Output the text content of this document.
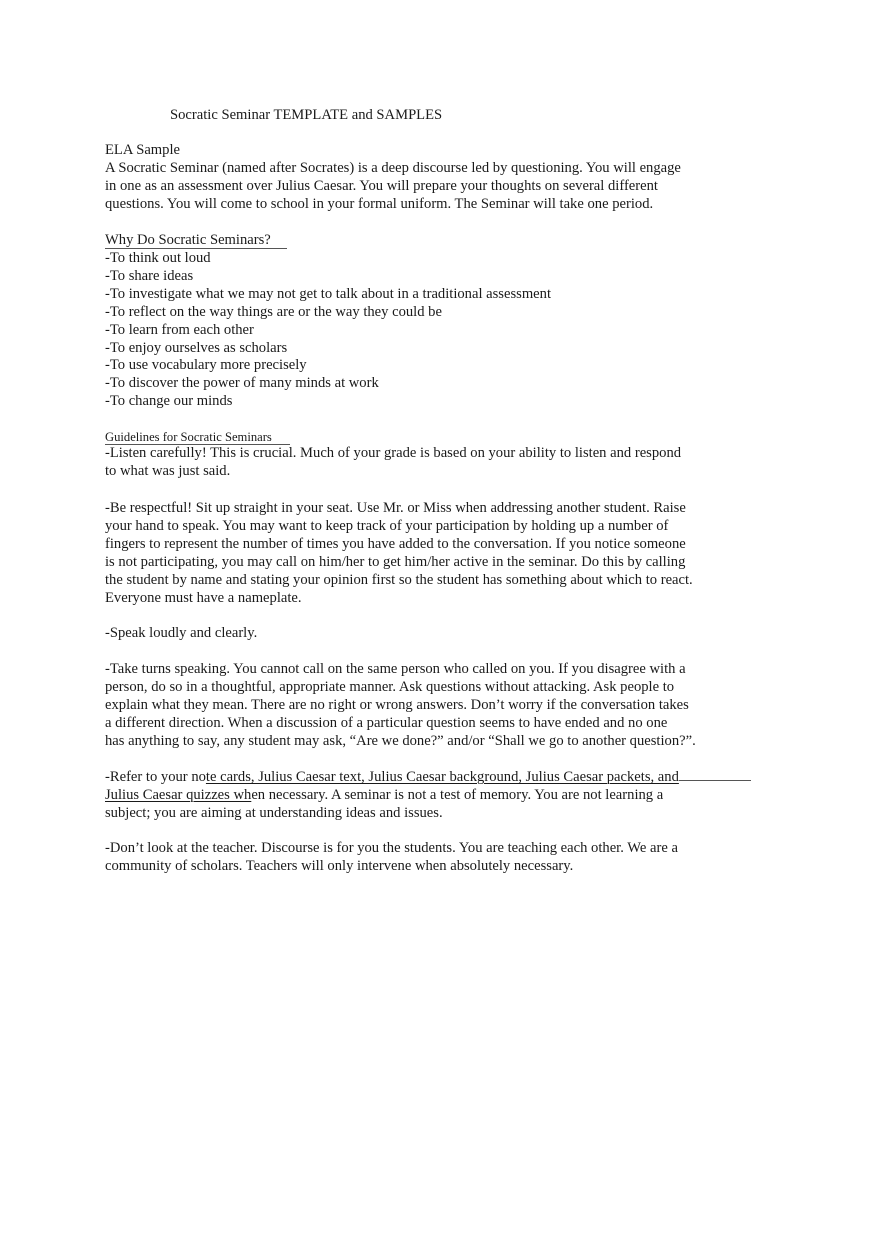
Socratic Seminar TEMPLATE and SAMPLES
ELA Sample
A Socratic Seminar (named after Socrates) is a deep discourse led by questioning. You will engage
in one as an assessment over Julius Caesar. You will prepare your thoughts on several different
questions. You will come to school in your formal uniform. The Seminar will take one period.
Why Do Socratic Seminars?
-To think out loud
-To share ideas
-To investigate what we may not get to talk about in a traditional assessment
-To reflect on the way things are or the way they could be
-To learn from each other
-To enjoy ourselves as scholars
-To use vocabulary more precisely
-To discover the power of many minds at work
-To change our minds
Guidelines for Socratic Seminars
-Listen carefully! This is crucial. Much of your grade is based on your ability to listen and respond
to what was just said.
-Be respectful! Sit up straight in your seat. Use Mr. or Miss when addressing another student. Raise
your hand to speak. You may want to keep track of your participation by holding up a number of
fingers to represent the number of times you have added to the conversation. If you notice someone
is not participating, you may call on him/her to get him/her active in the seminar. Do this by calling
the student by name and stating your opinion first so the student has something about which to react.
Everyone must have a nameplate.
-Speak loudly and clearly.
-Take turns speaking. You cannot call on the same person who called on you. If you disagree with a
person, do so in a thoughtful, appropriate manner. Ask questions without attacking. Ask people to
explain what they mean. There are no right or wrong answers. Don’t worry if the conversation takes
a different direction. When a discussion of a particular question seems to have ended and no one
has anything to say, any student may ask, “Are we done?” and/or “Shall we go to another question?”.
-Refer to your note cards, Julius Caesar text, Julius Caesar background, Julius Caesar packets, and
Julius Caesar quizzes when necessary. A seminar is not a test of memory. You are not learning a
subject; you are aiming at understanding ideas and issues.
-Don’t look at the teacher. Discourse is for you the students. You are teaching each other. We are a
community of scholars. Teachers will only intervene when absolutely necessary.
